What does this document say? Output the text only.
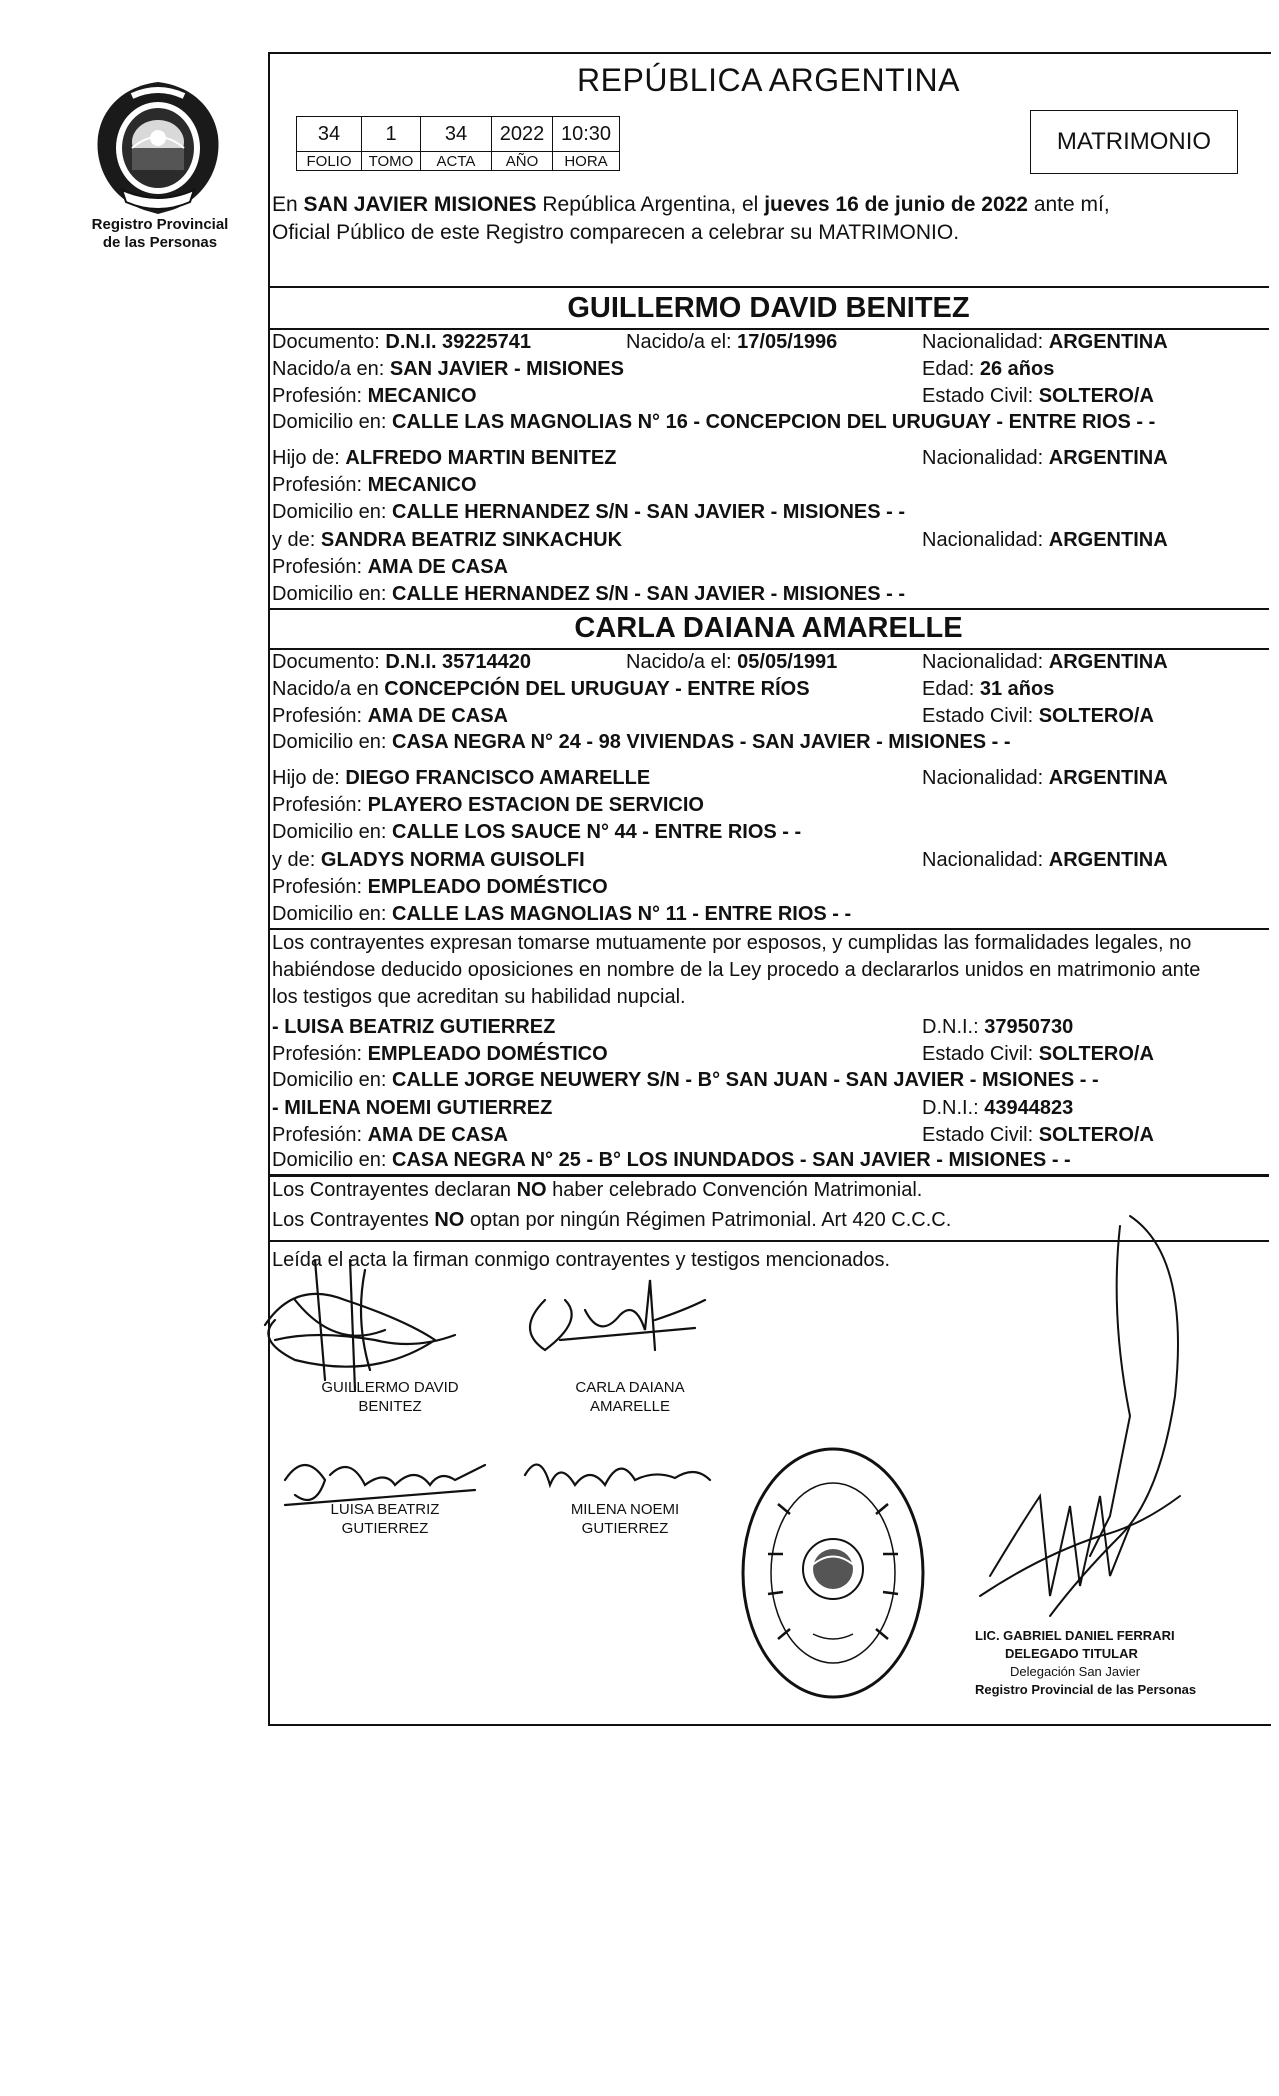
Registro Provincial
de las Personas
REPÚBLICA ARGENTINA
34	1	34	2022	10:30
FOLIO	TOMO	ACTA	AÑO	HORA
MATRIMONIO
En SAN JAVIER MISIONES República Argentina, el jueves 16 de junio de 2022 ante mí,
Oficial Público de este Registro comparecen a celebrar su MATRIMONIO.
GUILLERMO DAVID BENITEZ
Documento: D.N.I. 39225741	Nacido/a el: 17/05/1996	Nacionalidad: ARGENTINA
Nacido/a en: SAN JAVIER - MISIONES	Edad: 26 años
Profesión: MECANICO	Estado Civil: SOLTERO/A
Domicilio en: CALLE LAS MAGNOLIAS N° 16 - CONCEPCION DEL URUGUAY - ENTRE RIOS - -
Hijo de: ALFREDO MARTIN BENITEZ	Nacionalidad: ARGENTINA
Profesión: MECANICO
Domicilio en: CALLE HERNANDEZ S/N - SAN JAVIER - MISIONES - -
y de: SANDRA BEATRIZ SINKACHUK	Nacionalidad: ARGENTINA
Profesión: AMA DE CASA
Domicilio en: CALLE HERNANDEZ S/N - SAN JAVIER - MISIONES - -
CARLA DAIANA AMARELLE
Documento: D.N.I. 35714420	Nacido/a el: 05/05/1991	Nacionalidad: ARGENTINA
Nacido/a en CONCEPCIÓN DEL URUGUAY - ENTRE RÍOS	Edad: 31 años
Profesión: AMA DE CASA	Estado Civil: SOLTERO/A
Domicilio en: CASA NEGRA N° 24 - 98 VIVIENDAS - SAN JAVIER - MISIONES - -
Hijo de: DIEGO FRANCISCO AMARELLE	Nacionalidad: ARGENTINA
Profesión: PLAYERO ESTACION DE SERVICIO
Domicilio en: CALLE LOS SAUCE N° 44 - ENTRE RIOS - -
y de: GLADYS NORMA GUISOLFI	Nacionalidad: ARGENTINA
Profesión: EMPLEADO DOMÉSTICO
Domicilio en: CALLE LAS MAGNOLIAS N° 11 - ENTRE RIOS - -
Los contrayentes expresan tomarse mutuamente por esposos, y cumplidas las formalidades legales, no
habiéndose deducido oposiciones en nombre de la Ley procedo a declararlos unidos en matrimonio ante
los testigos que acreditan su habilidad nupcial.
- LUISA BEATRIZ GUTIERREZ	D.N.I.: 37950730
Profesión: EMPLEADO DOMÉSTICO	Estado Civil: SOLTERO/A
Domicilio en: CALLE JORGE NEUWERY S/N - B° SAN JUAN - SAN JAVIER - MSIONES - -
- MILENA NOEMI GUTIERREZ	D.N.I.: 43944823
Profesión: AMA DE CASA	Estado Civil: SOLTERO/A
Domicilio en: CASA NEGRA N° 25 - B° LOS INUNDADOS - SAN JAVIER - MISIONES - -
Los Contrayentes declaran NO haber celebrado Convención Matrimonial.
Los Contrayentes NO optan por ningún Régimen Patrimonial. Art 420 C.C.C.
Leída el acta la firman conmigo contrayentes y testigos mencionados.
GUILLERMO DAVID
BENITEZ
CARLA DAIANA
AMARELLE
LUISA BEATRIZ
GUTIERREZ
MILENA NOEMI
GUTIERREZ
LIC. GABRIEL DANIEL FERRARI
DELEGADO TITULAR
Delegación San Javier
Registro Provincial de las Personas
